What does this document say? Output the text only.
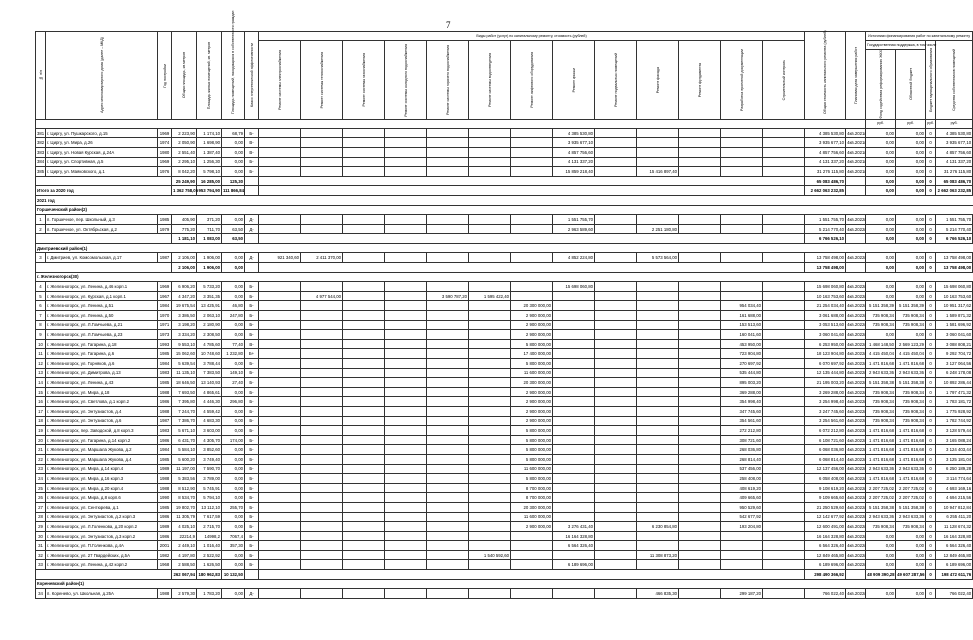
7
№ п/п	Адрес многоквартирного дома (далее – МКД)	Год постройки	Общая площадь, кв.метров	Площадь жилых помещений, кв. метров	Площадь помещений, находящихся в собственности граждан	Класс энергетической эффективности	Виды работ (услуг) по капитальному ремонту, стоимость (рублей)													Общая стоимость капитального ремонта (рублей)	Плановая дата завершения работ	Источники финансирования работ по капитальному ремонту			

							Ремонт системы электроснабжения	Ремонт системы теплоснабжения	Ремонт системы газоснабжения	Ремонт системы холодного водоснабжения	Ремонт системы горячего водоснабжения	Ремонт системы водоотведения	Ремонт лифтового оборудования	Ремонт крыши	Ремонт подвальных помещений	Ремонт фасада	Ремонт фундамента	Разработка проектной документации	Строительный контроль			Государственная поддержка, в том числе		Бюджет муниципального образования	Средства собственников помещений

																						Фонд содействия реформированию ЖКХ	Областной бюджет		

																						руб.	руб.	руб.	руб.
381	г. Циргу, ул. Пушкарского, д.15	1969	2 223,90	1 174,10	68,79	Б-								4 385 530,80						4 385 530,80	4кв.2021г	0,00	0,00	0	4 385 530,80
382	г. Циргу, ул. Мира, д.26	1974	2 050,90	1 698,90	0,00	В-								3 935 677,10						3 935 677,10	4кв.2021г	0,00	0,00	0	3 935 677,10
383	г. Циргу, ул. Новая Курская, д.24А	1980	2 551,40	1 387,40	0,00	В-								4 857 756,60						4 857 756,60	4кв.2021г	0,00	0,00	0	4 857 756,60
384	г. Циргу, ул. Спортивная, д.5	1969	2 295,10	1 256,30	0,00	Б-								4 131 337,20						4 131 337,20	4кв.2021г	0,00	0,00	0	4 131 337,20
385	г. Циргу, ул. Маяковского, д.1	1976	8 042,20	5 798,10	0,00	Б-								15 859 218,40		15 416 897,40				31 276 115,80	4кв.2021г	0,00	0,00	0	31 276 115,80
			25 249,90	16 285,00	125,30															65 083 486,70		0,00	0,00	0	65 083 486,70
Итого за 2020 год			1 362 758,05	953 794,90	111 866,84															2 662 063 232,85		0,00	0,00	0	2 662 063 232,85
2021 год																									
Горшеченский район(2)																									
1	п. Горшечное, пер. Школьный, д.3	1985	405,90	371,20	0,00	Д-								1 551 755,70						1 551 755,70	4кв.2022г	0,00	0,00	0	1 551 755,70
2	п. Горшечное, ул. Октябрьская, д.2	1979	775,20	711,70	63,50	Д-								2 963 589,60		2 251 180,80				5 214 770,40	4кв.2022г	0,00	0,00	0	5 214 770,40
			1 181,10	1 083,00	63,50															6 766 526,10		0,00	0,00	0	6 766 526,10
Дмитриевский район(1)																									
3	г. Дмитриев, ул. Комсомольская, д.17	1987	2 106,00	1 906,00	0,00	Д-	921 340,60	2 411 370,00						4 852 224,80		5 573 564,00				13 758 498,00	4кв.2022г	0,00	0,00	0	13 758 498,00
			2 106,00	1 906,00	0,00															13 758 498,00		0,00	0,00	0	13 758 498,00
г. Железногорск(30)																									
4	г. Железногорск, ул. Ленина, д.46 корп.1	1969	6 906,20	5 733,20	0,00	Б-								15 698 060,80						15 698 060,80	4кв.2022г	0,00	0,00	0	15 698 060,80
5	г. Железногорск, ул. Курская, д.1 корп.1	1967	4 347,20	3 351,35	0,00	Б-		4 977 544,00			3 590 787,20	1 595 422,40								10 163 753,60	4кв.2022г	0,00	0,00	0	10 163 753,60
6	г. Железногорск, ул. Ленина, д.51	1984	19 675,54	13 425,91	46,80	Б-							20 300 000,00					954 034,40		21 254 034,40	4кв.2022г	5 151 358,39	5 151 358,39	0	10 951 317,62
7	г. Железногорск, ул. Ленина, д.50	1970	3 386,50	2 063,10	247,80	Б-							2 900 000,00					161 688,00		3 061 688,00	4кв.2022г	735 908,34	735 908,34	0	1 589 871,32
8	г. Железногорск, ул. Л.Гомчыева, д.21	1971	3 198,20	2 180,90	0,00	Б-							2 900 000,00					153 513,60		3 053 513,60	4кв.2022г	735 908,34	735 908,34	0	1 581 696,92
9	г. Железногорск, ул. Л.Гомчыева, д.23	1973	3 334,20	2 308,50	0,00	Б-							2 900 000,00					160 041,60		3 060 041,60	4кв.2022г	0,00	0,00	0	3 060 041,60
10	г. Железногорск, ул. Гагарина, д.18	1993	9 553,10	4 785,60	77,40	В-							5 800 000,00					453 950,00		6 253 950,00	4кв.2022г	1 468 148,50	2 569 123,29	0	3 088 808,21
11	г. Железногорск, ул. Гагарина, д.6	1985	15 062,60	10 748,60	1 232,80	Б+							17 400 000,00					723 904,80		18 123 904,80	4кв.2022г	4 415 450,04	4 415 450,04	0	9 292 704,72
12	г. Железногорск, ул. Горняков, д.6	1984	5 639,54	3 788,44	0,00	Б-							5 800 000,00					270 697,92		6 070 697,92	4кв.2022г	1 471 816,68	1 471 816,68	0	3 127 064,56
13	г. Железногорск, ул. Димитрова, д.13	1983	11 135,10	7 383,50	149,10	Б-							11 600 000,00					535 444,80		12 135 444,80	4кв.2022г	2 943 633,36	2 943 633,36	0	6 248 178,08
14	г. Железногорск, ул. Ленина, д.43	1985	18 646,50	13 140,93	27,40	Б-							20 300 000,00					895 003,20		21 195 003,20	4кв.2022г	5 151 358,38	5 151 358,38	0	10 892 286,44
15	г. Железногорск, ул. Мира, д.18	1988	7 693,50	4 865,61	0,00	Б-							2 900 000,00					369 288,00		3 269 288,00	4кв.2022г	735 908,34	735 908,34	0	1 797 471,32
16	г. Железногорск, ул. Светлова, д.1 корп.2	1986	7 395,80	4 446,30	296,80	Б-							2 900 000,00					354 998,40		3 254 998,40	4кв.2022г	735 908,34	735 908,34	0	1 783 181,72
17	г. Железногорск, ул. Энтузиастов, д.4	1988	7 244,70	4 559,42	0,00	Б-							2 900 000,00					347 745,60		3 247 745,60	4кв.2022г	735 908,34	735 908,34	0	1 775 928,92
18	г. Железногорск, ул. Энтузиастов, д.6	1987	7 386,70	4 683,30	0,00	Б-							2 900 000,00					354 561,60		3 254 561,60	4кв.2022г	735 908,34	735 908,34	0	1 782 744,92
19	г. Железногорск, пер. Заводской, д.8 корп.3	1983	5 671,10	3 603,00	0,00	Б-							5 800 000,00					272 212,80		6 072 212,80	4кв.2022г	1 471 816,68	1 471 816,68	0	3 128 579,44
20	г. Железногорск, ул. Гагарина, д.14 корп.2	1986	6 431,70	4 305,70	174,00	Б-							5 800 000,00					308 721,60		6 108 721,60	4кв.2022г	1 471 816,68	1 471 816,68	0	3 165 088,24
21	г. Железногорск, ул. Маршала Жукова, д.2	1984	5 584,10	3 852,60	0,00	Б-							5 800 000,00					268 036,80		6 068 036,80	4кв.2022г	1 471 816,68	1 471 816,68	0	3 124 403,44
22	г. Железногорск, ул. Маршала Жукова, д.4	1985	5 600,20	3 749,40	0,00	Б-							5 800 000,00					268 814,40		6 068 814,40	4кв.2022г	1 471 816,68	1 471 816,68	0	3 125 181,04
23	г. Железногорск, ул. Мира, д.14 корп.4	1989	11 197,00	7 590,70	0,00	Б-							11 600 000,00					537 456,00		12 137 456,00	4кв.2022г	2 943 633,36	2 943 633,36	0	6 250 189,28
24	г. Железногорск, ул. Мира, д.16 корп.3	1988	5 383,56	3 789,00	0,00	Б-							5 800 000,00					258 408,00		6 058 408,00	4кв.2022г	1 471 816,68	1 471 816,68	0	3 114 774,64
25	г. Железногорск, ул. Мира, д.20 корп.4	1988	8 512,90	5 745,91	0,00	Б-							8 700 000,00					408 619,20		9 108 619,20	4кв.2022г	2 207 725,02	2 207 725,02	0	4 693 169,16
26	г. Железногорск, ул. Мира, д.8 корп.6	1990	8 534,70	5 794,10	0,00	Б-							8 700 000,00					409 665,60		9 109 665,60	4кв.2022г	2 207 725,02	2 207 725,02	0	4 694 215,56
27	г. Железногорск, ул. Сентюрева, д.1	1985	19 802,70	13 112,10	255,70	Б-							20 300 000,00					950 529,60		21 250 529,60	4кв.2022г	5 151 358,38	5 151 358,38	0	10 947 812,84
28	г. Железногорск, ул. Энтузиастов, д.2 корп.3	1986	11 305,79	7 617,59	0,00	Б-							11 600 000,00					542 677,92		12 142 677,92	4кв.2022г	2 943 633,36	2 943 633,36	0	6 255 411,20
29	г. Железногорск, ул. Л.Голенкова, д.20 корп.2	1989	4 025,10	2 715,70	0,00	Б-							2 900 000,00	3 276 431,40		6 230 854,80		193 204,80		12 600 491,00	4кв.2022г	735 908,34	735 908,34	0	11 128 674,32
30	г. Железногорск, ул. Энтузиастов, д.3 корп.2	1986	22214,9	14998,2	7067,4	Б-								16 164 328,80						16 164 328,80	4кв.2022г	0,00	0,00	0	16 164 328,80
31	г. Железногорск, ул. П.Голенкова, д.4А	2001	2 449,10	1 016,40	357,30	Б-								6 564 326,40						6 564 326,40	4кв.2022г	0,00	0,00	0	6 564 326,40
32	г. Железногорск, ул. 27 Гвардейских, д.5А	1982	4 197,80	2 522,92	0,00	Б-						1 540 592,60				11 308 873,20				12 849 465,80	4кв.2022г	0,00	0,00	0	12 849 465,80
33	г. Железногорск, ул. Ленина, д.42 корп.2	1968	2 588,50	1 626,50	0,00	Б-								6 189 696,00						6 189 696,00	4кв.2022г	0,00	0,00	0	6 189 696,00
			262 067,94	180 962,83	10 132,50															298 490 366,92		48 909 390,28	49 607 287,56	0	198 472 611,76
Кореневский район(1)																									
34	п. Коренево, ул. Школьная, д.25А	1988	2 579,30	1 783,20	0,00	Д-										466 835,30		299 187,20		766 022,40	4кв.2022г	0,00	0,00	0	766 022,40
